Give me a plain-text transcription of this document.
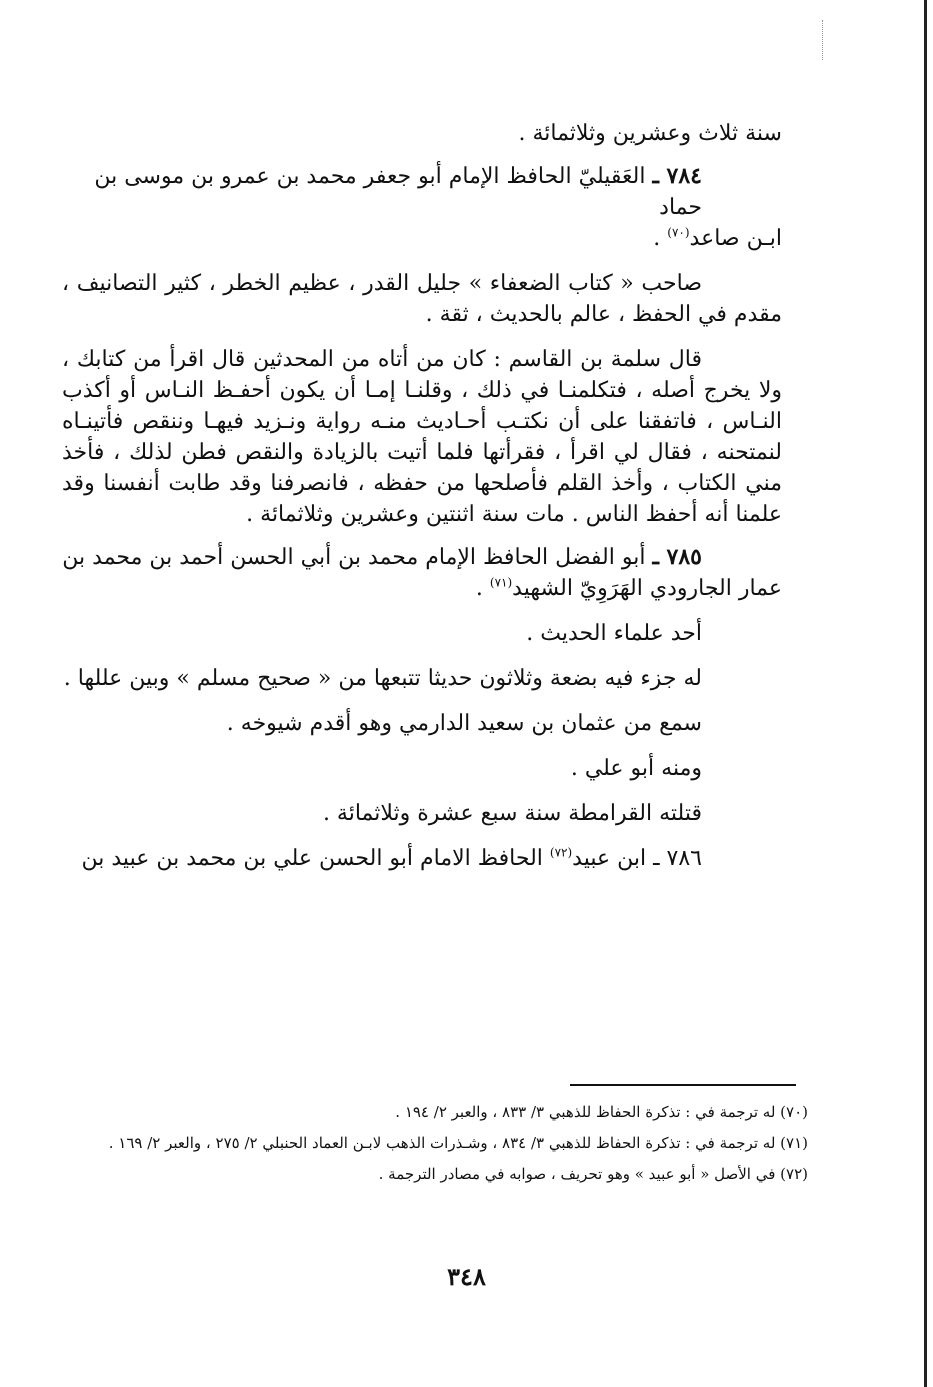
سنة ثلاث وعشرين وثلاثمائة .

٧٨٤ ـ العَقيليّ الحافظ الإمام أبو جعفر محمد بن عمرو بن موسى بن حماد

ابـن صاعد$^{(٧٠)}$ .

صاحب « كتاب الضعفاء » جليل القدر ، عظيم الخطر ، كثير التصانيف ، مقدم في الحفظ ، عالم بالحديث ، ثقة .

قال سلمة بن القاسم : كان من أتاه من المحدثين قال اقرأ من كتابك ، ولا يخرج أصله ، فتكلمنـا في ذلك ، وقلنـا إمـا أن يكون أحفـظ النـاس أو أكذب النـاس ، فاتفقنا على أن نكتـب أحـاديث منـه رواية ونـزيد فيهـا وننقص فأتينـاه لنمتحنه ، فقال لي اقرأ ، فقرأتها فلما أتيت بالزيادة والنقص فطن لذلك ، فأخذ مني الكتاب ، وأخذ القلم فأصلحها من حفظه ، فانصرفنا وقد طابت أنفسنا وقد علمنا أنه أحفظ الناس . مات سنة اثنتين وعشرين وثلاثمائة .

٧٨٥ ـ أبو الفضل الحافظ الإمام محمد بن أبي الحسن أحمد بن محمد بن

عمار الجارودي الهَرَوِيّ الشهيد$^{(٧١)}$ .

أحد علماء الحديث .

له جزء فيه بضعة وثلاثون حديثا تتبعها من « صحيح مسلم » وبين عللها .

سمع من عثمان بن سعيد الدارمي وهو أقدم شيوخه .

ومنه أبو علي .

قتلته القرامطة سنة سبع عشرة وثلاثمائة .

٧٨٦ ـ ابن عبيد$^{(٧٢)}$ الحافظ الامام أبو الحسن علي بن محمد بن عبيد بن

(٧٠) له ترجمة في : تذكرة الحفاظ للذهبي ٣/ ٨٣٣ ، والعبر ٢/ ١٩٤ .

(٧١) له ترجمة في : تذكرة الحفاظ للذهبي ٣/ ٨٣٤ ، وشـذرات الذهب لابـن العماد الحنبلي ٢/ ٢٧٥ ، والعبر ٢/ ١٦٩ .

(٧٢) في الأصل « أبو عبيد » وهو تحريف ، صوابه في مصادر الترجمة .

٣٤٨
